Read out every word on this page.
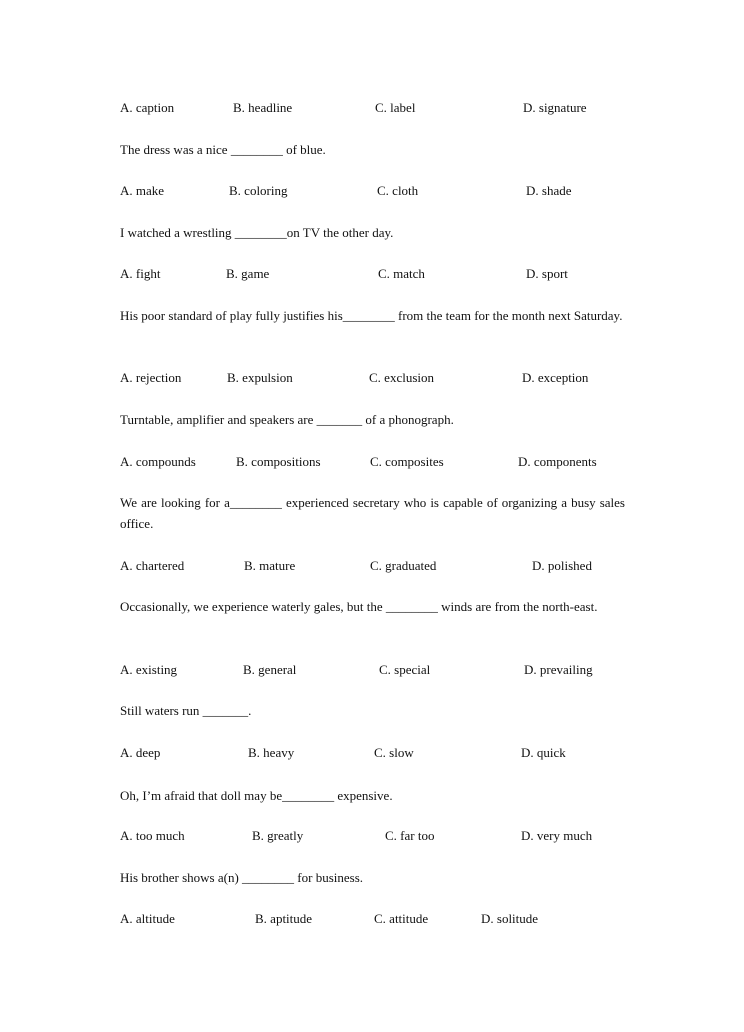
A. caption	B. headline	C. label	D. signature
The dress was a nice ________ of blue.
A. make	B. coloring	C. cloth	D. shade
I watched a wrestling ________on TV the other day.
A. fight	B. game	C. match	D. sport
His poor standard of play fully justifies his________ from the team for the month next Saturday.
A. rejection	B. expulsion	C. exclusion	D. exception
Turntable, amplifier and speakers are _______ of a phonograph.
A. compounds	B. compositions	C. composites	D. components
We are looking for a________ experienced secretary who is capable of organizing a busy sales office.
A. chartered	B. mature	C. graduated	D. polished
Occasionally, we experience waterly gales, but the ________ winds are from the north-east.
A. existing	B. general	C. special	D. prevailing
Still waters run _______.
A. deep	B. heavy	C. slow	D. quick
Oh, I’m afraid that doll may be________ expensive.
A. too much	B. greatly	C. far too	D. very much
His brother shows a(n) ________ for business.
A. altitude	B. aptitude	C. attitude	D. solitude
